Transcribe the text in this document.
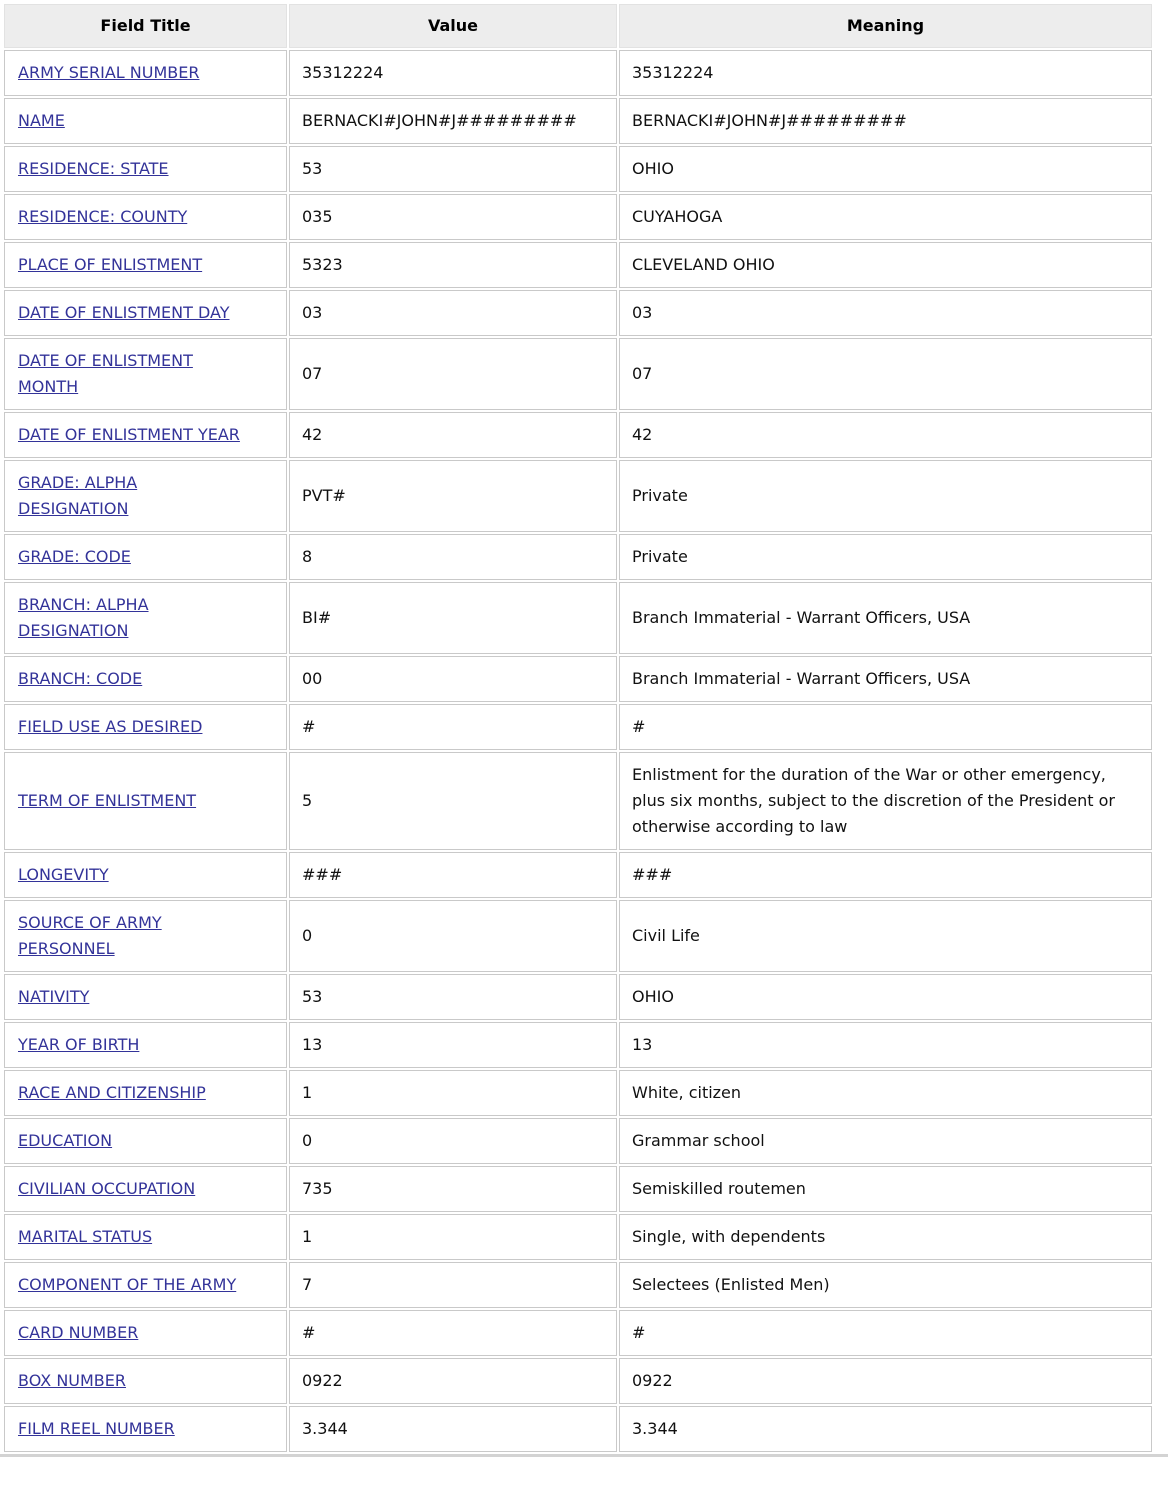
Field Title	Value	Meaning
ARMY SERIAL NUMBER	35312224	35312224
NAME	BERNACKI#JOHN#J#########	BERNACKI#JOHN#J#########
RESIDENCE: STATE	53	OHIO
RESIDENCE: COUNTY	035	CUYAHOGA
PLACE OF ENLISTMENT	5323	CLEVELAND OHIO
DATE OF ENLISTMENT DAY	03	03
DATE OF ENLISTMENT MONTH	07	07
DATE OF ENLISTMENT YEAR	42	42
GRADE: ALPHA DESIGNATION	PVT#	Private
GRADE: CODE	8	Private
BRANCH: ALPHA DESIGNATION	BI#	Branch Immaterial - Warrant Officers, USA
BRANCH: CODE	00	Branch Immaterial - Warrant Officers, USA
FIELD USE AS DESIRED	#	#
TERM OF ENLISTMENT	5	Enlistment for the duration of the War or other emergency, plus six months, subject to the discretion of the President or otherwise according to law
LONGEVITY	###	###
SOURCE OF ARMY PERSONNEL	0	Civil Life
NATIVITY	53	OHIO
YEAR OF BIRTH	13	13
RACE AND CITIZENSHIP	1	White, citizen
EDUCATION	0	Grammar school
CIVILIAN OCCUPATION	735	Semiskilled routemen
MARITAL STATUS	1	Single, with dependents
COMPONENT OF THE ARMY	7	Selectees (Enlisted Men)
CARD NUMBER	#	#
BOX NUMBER	0922	0922
FILM REEL NUMBER	3.344	3.344
